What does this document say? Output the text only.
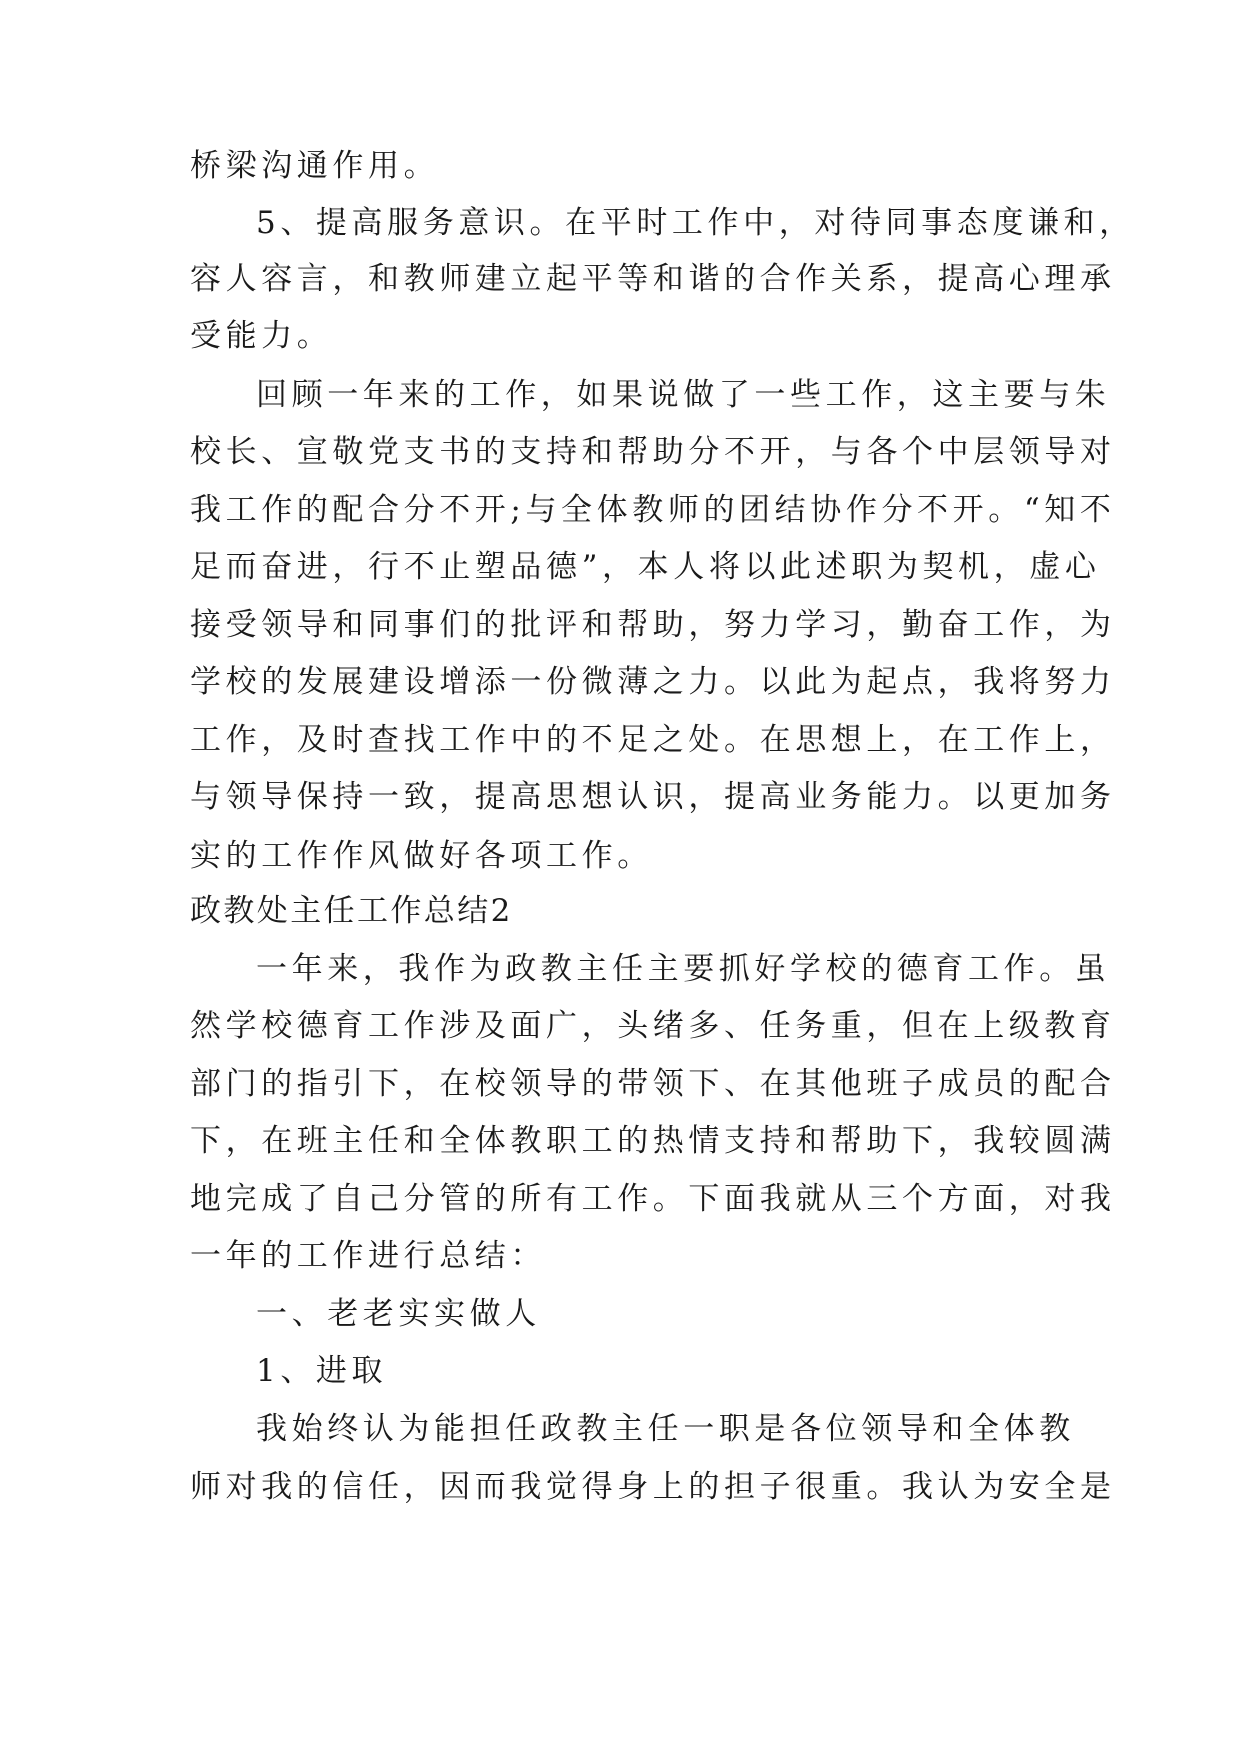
桥梁沟通作用。

5、提高服务意识。在平时工作中，对待同事态度谦和，

容人容言，和教师建立起平等和谐的合作关系，提高心理承

受能力。

回顾一年来的工作，如果说做了一些工作，这主要与朱

校长、宣敬党支书的支持和帮助分不开，与各个中层领导对

我工作的配合分不开;与全体教师的团结协作分不开。“知不

足而奋进，行不止塑品德”，本人将以此述职为契机，虚心

接受领导和同事们的批评和帮助，努力学习，勤奋工作，为

学校的发展建设增添一份微薄之力。以此为起点，我将努力

工作，及时查找工作中的不足之处。在思想上，在工作上，

与领导保持一致，提高思想认识，提高业务能力。以更加务

实的工作作风做好各项工作。

政教处主任工作总结2

一年来，我作为政教主任主要抓好学校的德育工作。虽

然学校德育工作涉及面广，头绪多、任务重，但在上级教育

部门的指引下，在校领导的带领下、在其他班子成员的配合

下，在班主任和全体教职工的热情支持和帮助下，我较圆满

地完成了自己分管的所有工作。下面我就从三个方面，对我

一年的工作进行总结：

一、老老实实做人

1、进取

我始终认为能担任政教主任一职是各位领导和全体教

师对我的信任，因而我觉得身上的担子很重。我认为安全是
